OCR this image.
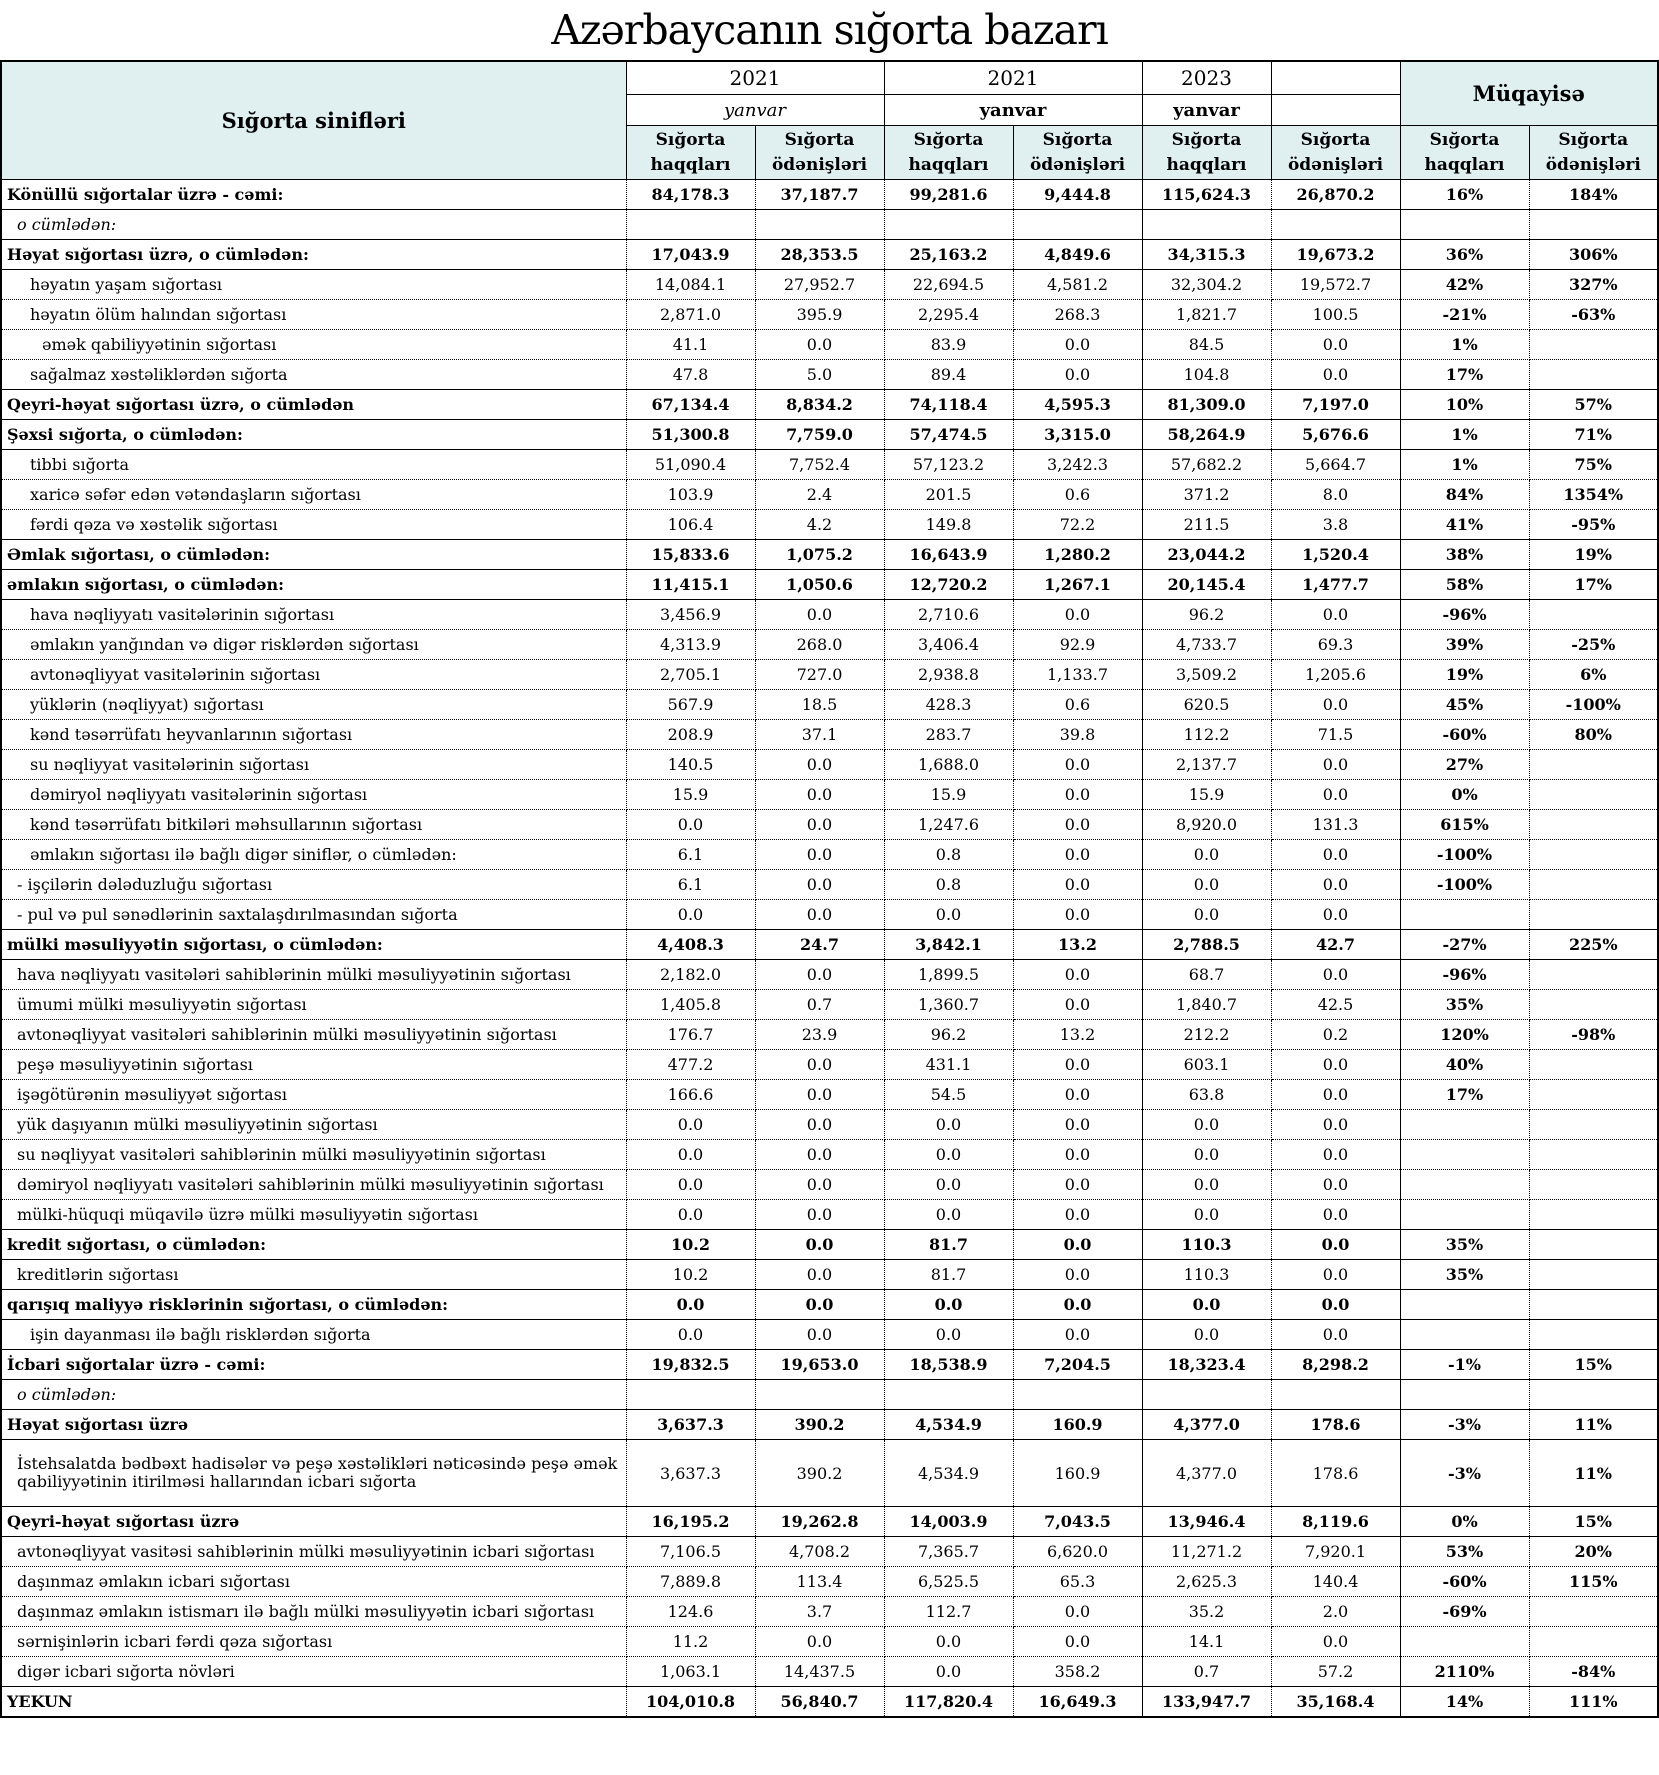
Azərbaycanın sığorta bazarı
Sığorta sinifləri	2021		2021		2023		Müqayisə	
	yanvar		yanvar		yanvar			
	Sığorta haqqları	Sığorta ödənişləri	Sığorta haqqları	Sığorta ödənişləri	Sığorta haqqları	Sığorta ödənişləri	Sığorta haqqları	Sığorta ödənişləri
Könüllü sığortalar üzrə - cəmi:	84,178.3	37,187.7	99,281.6	9,444.8	115,624.3	26,870.2	16%	184%
o cümlədən:								
Həyat sığortası üzrə, o cümlədən:	17,043.9	28,353.5	25,163.2	4,849.6	34,315.3	19,673.2	36%	306%
həyatın yaşam sığortası	14,084.1	27,952.7	22,694.5	4,581.2	32,304.2	19,572.7	42%	327%
həyatın ölüm halından sığortası	2,871.0	395.9	2,295.4	268.3	1,821.7	100.5	-21%	-63%
əmək qabiliyyətinin sığortası	41.1	0.0	83.9	0.0	84.5	0.0	1%	
sağalmaz xəstəliklərdən sığorta	47.8	5.0	89.4	0.0	104.8	0.0	17%	
Qeyri-həyat sığortası üzrə, o cümlədən	67,134.4	8,834.2	74,118.4	4,595.3	81,309.0	7,197.0	10%	57%
Şəxsi sığorta, o cümlədən:	51,300.8	7,759.0	57,474.5	3,315.0	58,264.9	5,676.6	1%	71%
tibbi sığorta	51,090.4	7,752.4	57,123.2	3,242.3	57,682.2	5,664.7	1%	75%
xaricə səfər edən vətəndaşların sığortası	103.9	2.4	201.5	0.6	371.2	8.0	84%	1354%
fərdi qəza və xəstəlik sığortası	106.4	4.2	149.8	72.2	211.5	3.8	41%	-95%
Əmlak sığortası, o cümlədən:	15,833.6	1,075.2	16,643.9	1,280.2	23,044.2	1,520.4	38%	19%
əmlakın sığortası, o cümlədən:	11,415.1	1,050.6	12,720.2	1,267.1	20,145.4	1,477.7	58%	17%
hava nəqliyyatı vasitələrinin sığortası	3,456.9	0.0	2,710.6	0.0	96.2	0.0	-96%	
əmlakın yanğından və digər risklərdən sığortası	4,313.9	268.0	3,406.4	92.9	4,733.7	69.3	39%	-25%
avtonəqliyyat vasitələrinin sığortası	2,705.1	727.0	2,938.8	1,133.7	3,509.2	1,205.6	19%	6%
yüklərin (nəqliyyat) sığortası	567.9	18.5	428.3	0.6	620.5	0.0	45%	-100%
kənd təsərrüfatı heyvanlarının sığortası	208.9	37.1	283.7	39.8	112.2	71.5	-60%	80%
su nəqliyyat vasitələrinin sığortası	140.5	0.0	1,688.0	0.0	2,137.7	0.0	27%	
dəmiryol nəqliyyatı vasitələrinin sığortası	15.9	0.0	15.9	0.0	15.9	0.0	0%	
kənd təsərrüfatı bitkiləri məhsullarının sığortası	0.0	0.0	1,247.6	0.0	8,920.0	131.3	615%	
əmlakın sığortası ilə bağlı digər siniflər, o cümlədən:	6.1	0.0	0.8	0.0	0.0	0.0	-100%	
- işçilərin dələduzluğu sığortası	6.1	0.0	0.8	0.0	0.0	0.0	-100%	
- pul və pul sənədlərinin saxtalaşdırılmasından sığorta	0.0	0.0	0.0	0.0	0.0	0.0		
mülki məsuliyyətin sığortası, o cümlədən:	4,408.3	24.7	3,842.1	13.2	2,788.5	42.7	-27%	225%
hava nəqliyyatı vasitələri sahiblərinin mülki məsuliyyətinin sığortası	2,182.0	0.0	1,899.5	0.0	68.7	0.0	-96%	
ümumi mülki məsuliyyətin sığortası	1,405.8	0.7	1,360.7	0.0	1,840.7	42.5	35%	
avtonəqliyyat vasitələri sahiblərinin mülki məsuliyyətinin sığortası	176.7	23.9	96.2	13.2	212.2	0.2	120%	-98%
peşə məsuliyyətinin sığortası	477.2	0.0	431.1	0.0	603.1	0.0	40%	
işəgötürənin məsuliyyət sığortası	166.6	0.0	54.5	0.0	63.8	0.0	17%	
yük daşıyanın mülki məsuliyyətinin sığortası	0.0	0.0	0.0	0.0	0.0	0.0		
su nəqliyyat vasitələri sahiblərinin mülki məsuliyyətinin sığortası	0.0	0.0	0.0	0.0	0.0	0.0		
dəmiryol nəqliyyatı vasitələri sahiblərinin mülki məsuliyyətinin sığortası	0.0	0.0	0.0	0.0	0.0	0.0		
mülki-hüquqi müqavilə üzrə mülki məsuliyyətin sığortası	0.0	0.0	0.0	0.0	0.0	0.0		
kredit sığortası, o cümlədən:	10.2	0.0	81.7	0.0	110.3	0.0	35%	
kreditlərin sığortası	10.2	0.0	81.7	0.0	110.3	0.0	35%	
qarışıq maliyyə risklərinin sığortası, o cümlədən:	0.0	0.0	0.0	0.0	0.0	0.0		
işin dayanması ilə bağlı risklərdən sığorta	0.0	0.0	0.0	0.0	0.0	0.0		
İcbari sığortalar üzrə - cəmi:	19,832.5	19,653.0	18,538.9	7,204.5	18,323.4	8,298.2	-1%	15%
o cümlədən:								
Həyat sığortası üzrə	3,637.3	390.2	4,534.9	160.9	4,377.0	178.6	-3%	11%
İstehsalatda bədbəxt hadisələr və peşə xəstəlikləri nəticəsində peşə əmək qabiliyyətinin itirilməsi hallarından icbari sığorta	3,637.3	390.2	4,534.9	160.9	4,377.0	178.6	-3%	11%
Qeyri-həyat sığortası üzrə	16,195.2	19,262.8	14,003.9	7,043.5	13,946.4	8,119.6	0%	15%
avtonəqliyyat vasitəsi sahiblərinin mülki məsuliyyətinin icbari sığortası	7,106.5	4,708.2	7,365.7	6,620.0	11,271.2	7,920.1	53%	20%
daşınmaz əmlakın icbari sığortası	7,889.8	113.4	6,525.5	65.3	2,625.3	140.4	-60%	115%
daşınmaz əmlakın istismarı ilə bağlı mülki məsuliyyətin icbari sığortası	124.6	3.7	112.7	0.0	35.2	2.0	-69%	
sərnişinlərin icbari fərdi qəza sığortası	11.2	0.0	0.0	0.0	14.1	0.0		
digər icbari sığorta növləri	1,063.1	14,437.5	0.0	358.2	0.7	57.2	2110%	-84%
YEKUN	104,010.8	56,840.7	117,820.4	16,649.3	133,947.7	35,168.4	14%	111%
